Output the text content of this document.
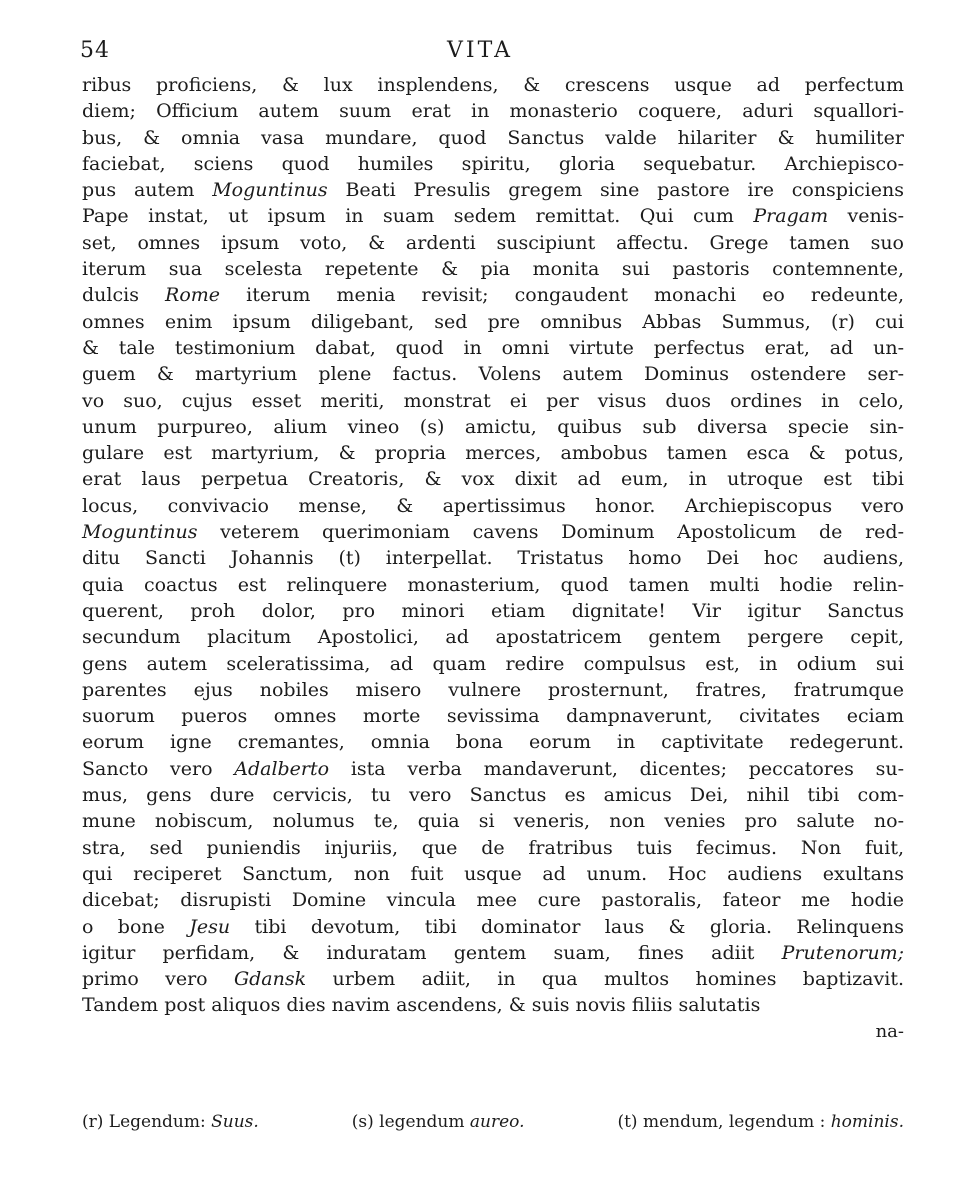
54	VITA
ribus proficiens, & lux insplendens, & crescens usque ad perfectum
diem; Officium autem suum erat in monasterio coquere, aduri squallori-
bus, & omnia vasa mundare, quod Sanctus valde hilariter & humiliter
faciebat, sciens quod humiles spiritu, gloria sequebatur. Archiepisco-
pus autem Moguntinus Beati Presulis gregem sine pastore ire conspiciens
Pape instat, ut ipsum in suam sedem remittat. Qui cum Pragam venis-
set, omnes ipsum voto, & ardenti suscipiunt affectu. Grege tamen suo
iterum sua scelesta repetente & pia monita sui pastoris contemnente,
dulcis Rome iterum menia revisit; congaudent monachi eo redeunte,
omnes enim ipsum diligebant, sed pre omnibus Abbas Summus, (r) cui
& tale testimonium dabat, quod in omni virtute perfectus erat, ad un-
guem & martyrium plene factus. Volens autem Dominus ostendere ser-
vo suo, cujus esset meriti, monstrat ei per visus duos ordines in celo,
unum purpureo, alium vineo (s) amictu, quibus sub diversa specie sin-
gulare est martyrium, & propria merces, ambobus tamen esca & potus,
erat laus perpetua Creatoris, & vox dixit ad eum, in utroque est tibi
locus, convivacio mense, & apertissimus honor. Archiepiscopus vero
Moguntinus veterem querimoniam cavens Dominum Apostolicum de red-
ditu Sancti Johannis (t) interpellat. Tristatus homo Dei hoc audiens,
quia coactus est relinquere monasterium, quod tamen multi hodie relin-
querent, proh dolor, pro minori etiam dignitate! Vir igitur Sanctus
secundum placitum Apostolici, ad apostatricem gentem pergere cepit,
gens autem sceleratissima, ad quam redire compulsus est, in odium sui
parentes ejus nobiles misero vulnere prosternunt, fratres, fratrumque
suorum pueros omnes morte sevissima dampnaverunt, civitates eciam
eorum igne cremantes, omnia bona eorum in captivitate redegerunt.
Sancto vero Adalberto ista verba mandaverunt, dicentes; peccatores su-
mus, gens dure cervicis, tu vero Sanctus es amicus Dei, nihil tibi com-
mune nobiscum, nolumus te, quia si veneris, non venies pro salute no-
stra, sed puniendis injuriis, que de fratribus tuis fecimus. Non fuit,
qui reciperet Sanctum, non fuit usque ad unum. Hoc audiens exultans
dicebat; disrupisti Domine vincula mee cure pastoralis, fateor me hodie
o bone Jesu tibi devotum, tibi dominator laus & gloria. Relinquens
igitur perfidam, & induratam gentem suam, fines adiit Prutenorum;
primo vero Gdansk urbem adiit, in qua multos homines baptizavit.
Tandem post aliquos dies navim ascendens, & suis novis filiis salutatis
na-
(r) Legendum: Suus.	(s) legendum aureo.	(t) mendum, legendum : hominis.
